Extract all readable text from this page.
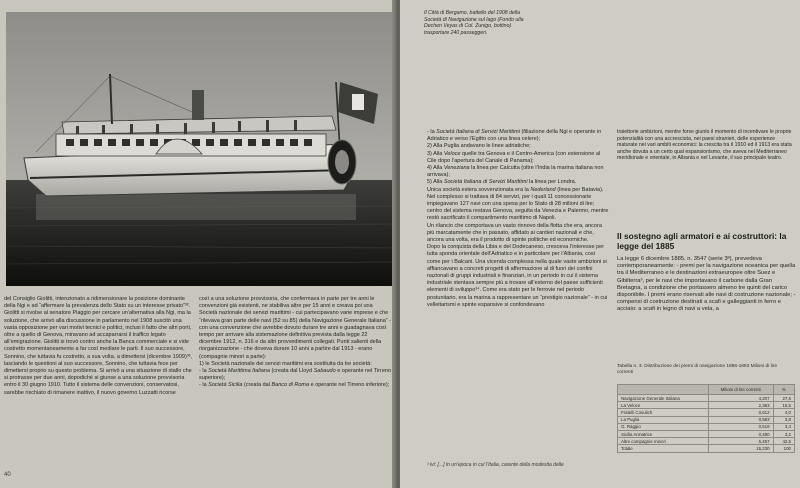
del Consiglio Giolitti, intenzionato a ridimensionare la posizione dominante della Ngi e ad “affermare la prevalenza dello Stato su un interesse privato”³². Giolitti si rivolse al senatore Piaggio per cercare un’alternativa alla Ngi, ma la soluzione, che arrivò alla discussione in parlamento nel 1908 suscitò una vasta opposizione per vari motivi tecnici e politici, inclusi il fatto che altri porti, oltre a quello di Genova, miravano ad accaparrarsi il traffico legato all’emigrazione. Giolitti si trovò contro anche la Banca commerciale e si vide costretto momentaneamente a far così mediare le parti. Il suo successore, Sonnino, che tuttavia fu costretto, a sua volta, a dimettersi (dicembre 1909)³³, lasciando le questioni al suo successore, Sonnino, che tuttavia fece per dimettersi proprio su questo problema. Si arrivò a una situazione di stallo che si protrasse per due anni, dopodiché si giunse a una soluzione provvisoria entro il 30 giugno 1910. Tutto il sistema delle convenzioni, conservatosi, sarebbe rischiato di rimanere inattivo, il nuovo governo Luzzatti ricorse

così a una soluzione provvisoria, che confermava in parte per tre anni le convenzioni già esistenti, ne stabiliva altre per 15 anni e creava poi una Società nazionale dei servizi marittimi - cui partecipavano varie imprese e che “rilevava gran parte delle navi (52 su 85) della Navigazione Generale Italiana” - con una convenzione che avrebbe dovuto durare tre anni e guadagnava così tempo per arrivare alla sistemazione definitiva prevista dalla legge 22 dicembre 1912, n. 316 e da altri provvedimenti collegati. Punti salienti della riorganizzazione - che doveva durare 10 anni a partire dal 1913 - erano (compagnie minori a parte):

1) le Società nazionale dei servizi marittimi era sostituita da tre società:

- la Società Marittima Italiana (creata dal Lloyd Sabaudo e operante nel Tirreno superiore);

- la Società Sicilia (creata dal Banco di Roma e operante nel Tirreno inferiore);

40
Il Città di Bergamo, battello del 1908 della Società di Navigazione sul lago (Fondo ulla Dechen Veyas di Col. Zunigo, bottino) trasportare 240 passeggeri.

- la Società Italiana di Servizi Marittimi (filiazione della Ngi e operante in Adriatico e verso l’Egitto con una linea celere);

2) Alla Puglia andavano le linee adriatiche;

3) Alla Veloce quelle tra Genova e il Centro-America (con estensione al Cile dopo l’apertura del Canale di Panama);

4) Alla Veneziana la linea per Calcutta (oltre l’India la marina italiana non arrivava);

5) Alla Società Italiana di Servizi Marittimi la linea per Londra.

Unica società estera sovvenzionata era la Nederland (linea per Batavia).

Nel complesso si trattava di 84 servizi, per i quali 11 concessionarie impiegavano 127 navi con una spesa per lo Stato di 28 milioni di lire; centro del sistema restava Genova, seguita da Venezia e Palermo, mentre restò sacrificato il compartimento marittimo di Napoli.

Un rilancio che comportava un vasto rinnovo della flotta che era, ancora più marcatamente che in passato, affidato ai cantieri nazionali e che, ancora una volta, era il prodotto di spinte politiche ed economiche.

Dopo la conquista della Libia e del Dodecaneso, cresceva l’interesse per tutta sponda orientale dell’Adriatico e in particolare per l’Albania, così come per i Balcani. Una vicenda complessa nella quale vaste ambizioni si affiancavano a concreti progetti di affermazione al di fuori dei confini nazionali di gruppi industriali e finanziari, in un periodo in cui il sistema industriale stentava sempre più a trovare all’esterno del paese sufficienti elementi di sviluppo³⁴. Come era stato per le ferrovie nel periodo postunitario, era la marina a rappresentare un “prestigio nazionale” - in cui velleitarismi e spinte espansive si confondevano

traiettorie ambizioni, mentre forse giunto il momento di incentivare le proprie potenzialità con una accresciuta, nei paesi stranieri, delle esperienze maturate nei vari ambiti economici: la crescita tra il 1910 ed il 1913 era stata anche dovuta a un certo qual espansionismo, che aveva nel Mediterraneo meridionale e orientale, in Albania e nel Levante, il suo principale teatro.

Il sostegno agli armatori e ai costruttori: la legge del 1885

La legge 6 dicembre 1885, n. 3547 (serie 3ª), prevedeva contemporaneamente: - premi per la navigazione oceanica per quella tra il Mediterraneo e le destinazioni extraeuropee oltre Suez e Gibilterra³, per le navi che importavano il carbone dalla Gran Bretagna, a condizione che portassero almeno tre quinti del carico disponibile. I premi erano riservati alle navi di costruzione nazionale; - compensi di costruzione destinati a scafi e galleggianti in ferro e acciaio: a scafi in legno di navi a vela, a

Tabella n. 3. Distribuzione dei premi di navigazione 1886-1893 Milioni di lire correnti
	Milioni di lire correnti	%
Navigazione Generale Italiana	4,207	27,6
La Veloce	2,363	15,5
Fratelli Cosulich	0,612	4,0
La Puglia	0,583	3,8
G. Raggio	0,518	3,4
Sicilia Armatrice	0,490	3,2
Altre compagnie minori	6,457	42,5
Totale	15,230	100
³ ivi: [...] in un’epoca in cui l’Italia, carente della modestia delle
